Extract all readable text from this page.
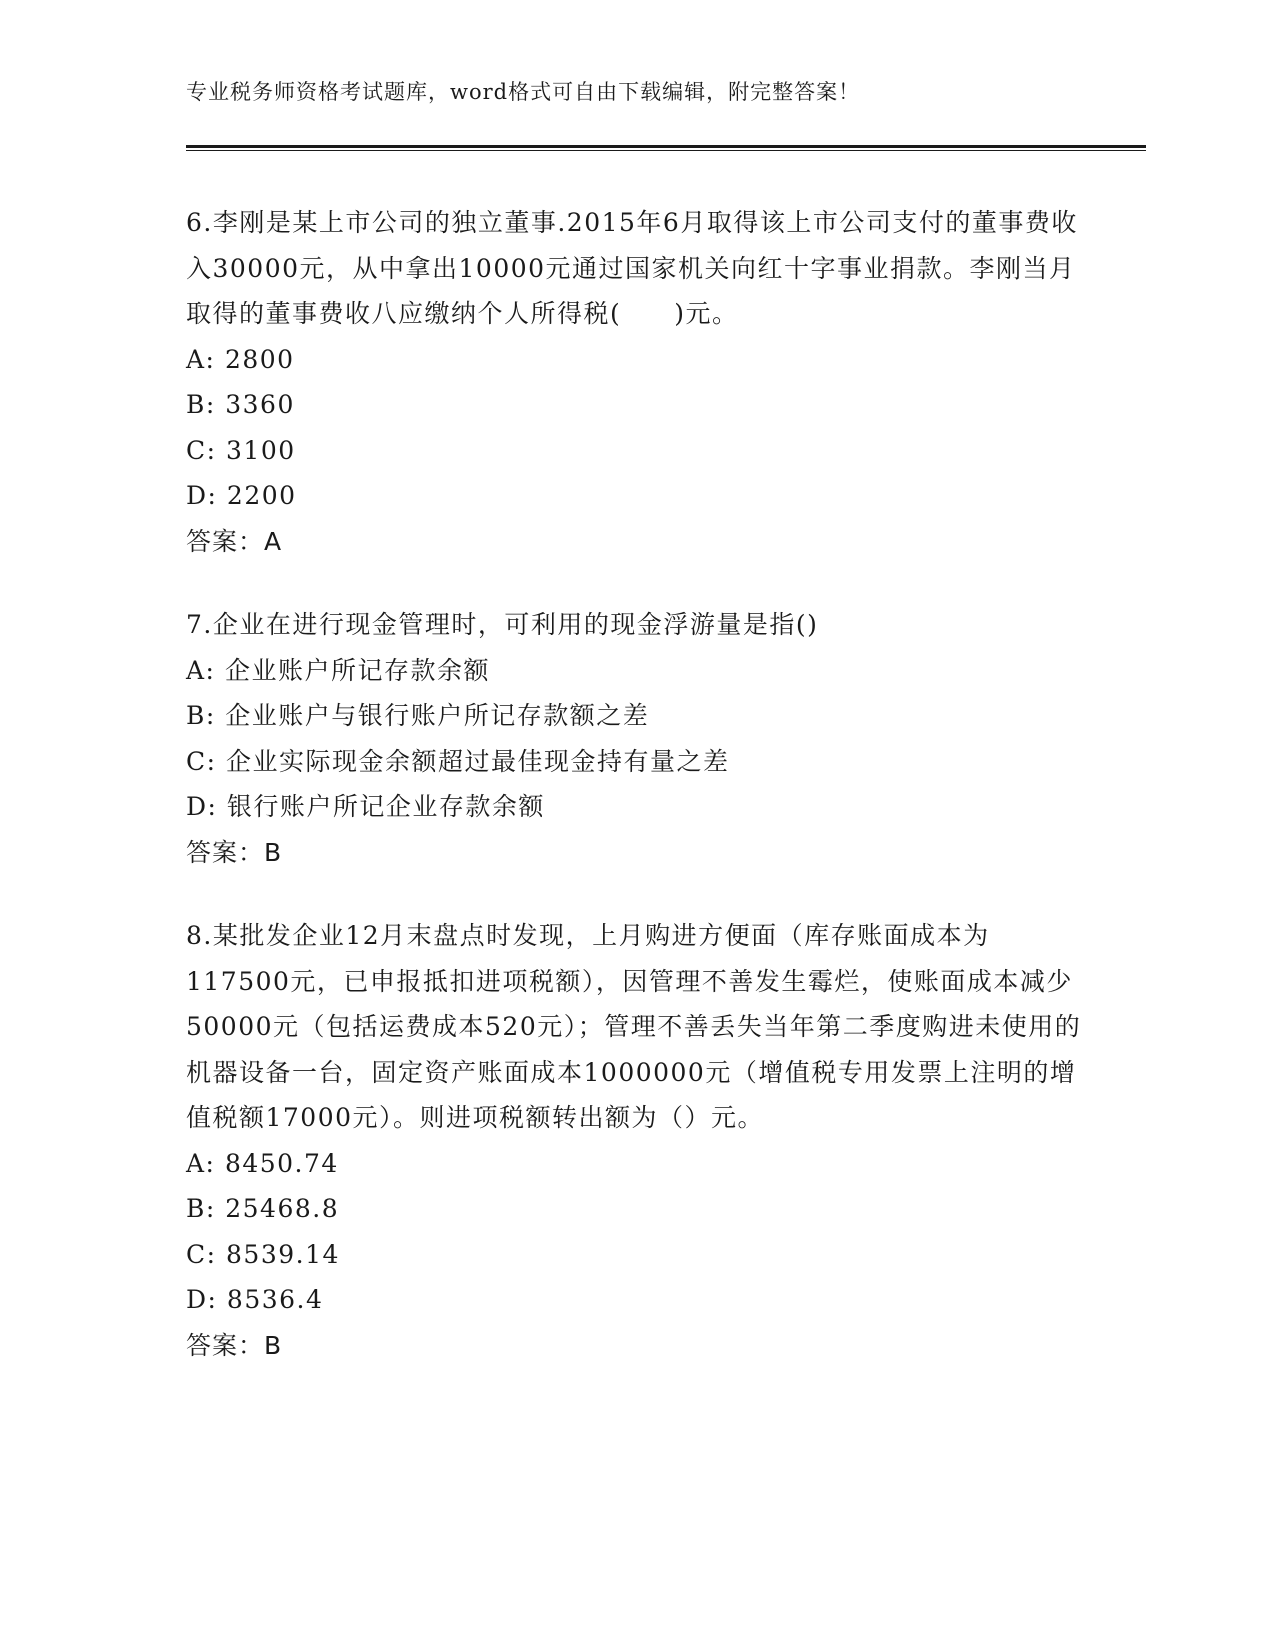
专业税务师资格考试题库，word格式可自由下载编辑，附完整答案！

6.李刚是某上市公司的独立董事.2015年6月取得该上市公司支付的董事费收入30000元，从中拿出10000元通过国家机关向红十字事业捐款。李刚当月取得的董事费收八应缴纳个人所得税(　　)元。

A: 2800

B: 3360

C: 3100

D: 2200

答案：A

7.企业在进行现金管理时，可利用的现金浮游量是指()

A: 企业账户所记存款余额

B: 企业账户与银行账户所记存款额之差

C: 企业实际现金余额超过最佳现金持有量之差

D: 银行账户所记企业存款余额

答案：B

8.某批发企业12月末盘点时发现，上月购进方便面（库存账面成本为117500元，已申报抵扣进项税额），因管理不善发生霉烂，使账面成本减少50000元（包括运费成本520元）；管理不善丢失当年第二季度购进未使用的机器设备一台，固定资产账面成本1000000元（增值税专用发票上注明的增值税额17000元）。则进项税额转出额为（）元。

A: 8450.74

B: 25468.8

C: 8539.14

D: 8536.4

答案：B
